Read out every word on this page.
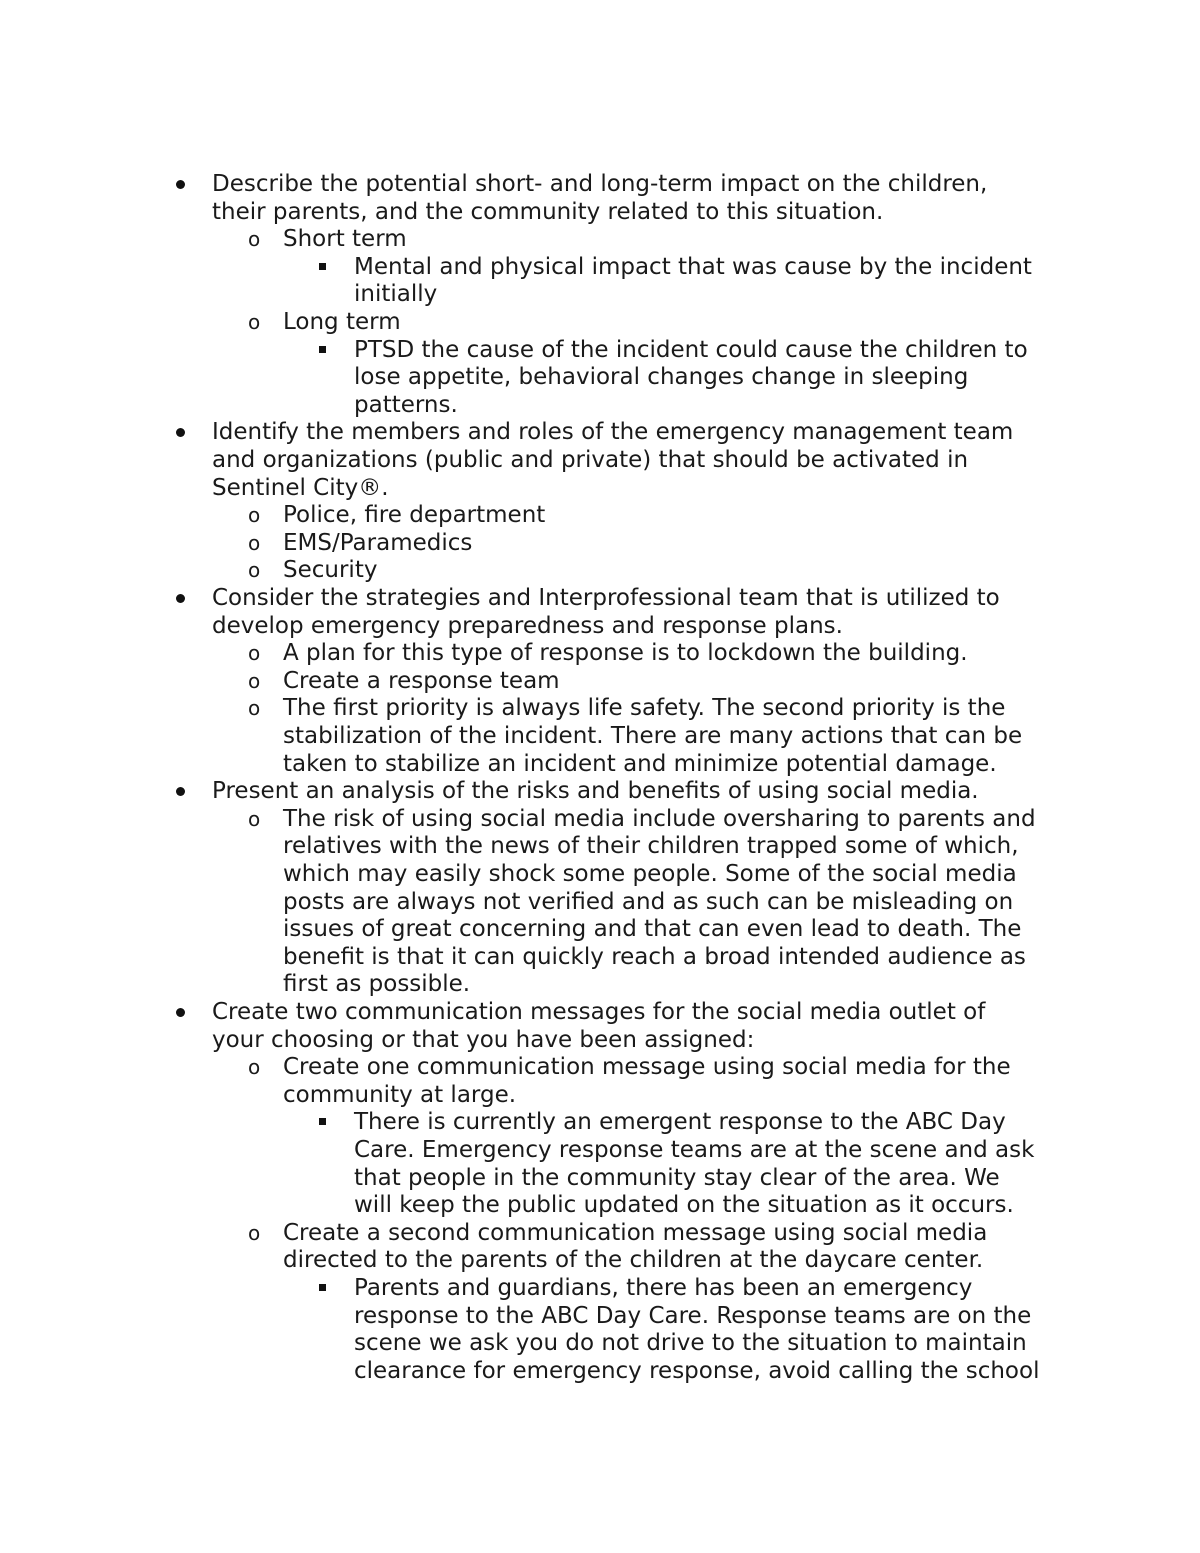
Describe the potential short- and long-term impact on the children,
their parents, and the community related to this situation.
o Short term
Mental and physical impact that was cause by the incident
initially
o Long term
PTSD the cause of the incident could cause the children to
lose appetite, behavioral changes change in sleeping
patterns.
Identify the members and roles of the emergency management team
and organizations (public and private) that should be activated in
Sentinel City®.
o Police, fire department
o EMS/Paramedics
o Security
Consider the strategies and Interprofessional team that is utilized to
develop emergency preparedness and response plans.
o A plan for this type of response is to lockdown the building.
o Create a response team
o The first priority is always life safety. The second priority is the
stabilization of the incident. There are many actions that can be
taken to stabilize an incident and minimize potential damage.
Present an analysis of the risks and benefits of using social media.
o The risk of using social media include oversharing to parents and
relatives with the news of their children trapped some of which,
which may easily shock some people. Some of the social media
posts are always not verified and as such can be misleading on
issues of great concerning and that can even lead to death. The
benefit is that it can quickly reach a broad intended audience as
first as possible.
Create two communication messages for the social media outlet of
your choosing or that you have been assigned:
o Create one communication message using social media for the
community at large.
There is currently an emergent response to the ABC Day
Care. Emergency response teams are at the scene and ask
that people in the community stay clear of the area. We
will keep the public updated on the situation as it occurs.
o Create a second communication message using social media
directed to the parents of the children at the daycare center.
Parents and guardians, there has been an emergency
response to the ABC Day Care. Response teams are on the
scene we ask you do not drive to the situation to maintain
clearance for emergency response, avoid calling the school
